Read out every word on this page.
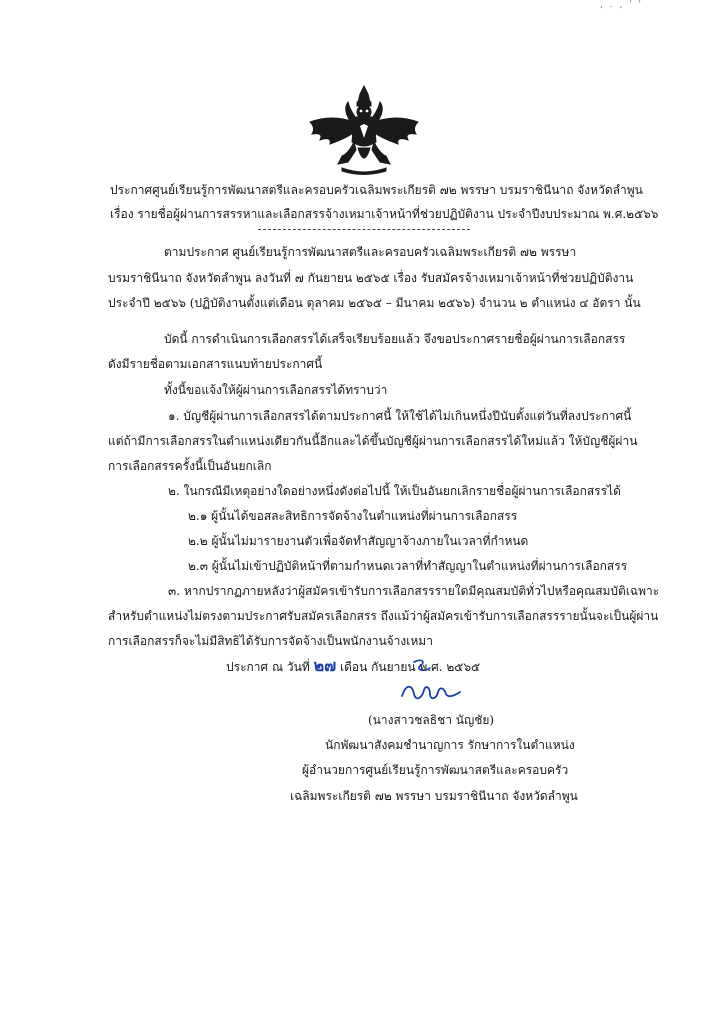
, . , ' '
ประกาศศูนย์เรียนรู้การพัฒนาสตรีและครอบครัวเฉลิมพระเกียรติ ๗๒ พรรษา บรมราชินีนาถ จังหวัดลำพูน
เรื่อง รายชื่อผู้ผ่านการสรรหาและเลือกสรรจ้างเหมาเจ้าหน้าที่ช่วยปฏิบัติงาน ประจำปีงบประมาณ พ.ศ.๒๕๖๖
ตามประกาศ ศูนย์เรียนรู้การพัฒนาสตรีและครอบครัวเฉลิมพระเกียรติ ๗๒ พรรษา
บรมราชินีนาถ จังหวัดลำพูน ลงวันที่ ๗ กันยายน ๒๕๖๕ เรื่อง รับสมัครจ้างเหมาเจ้าหน้าที่ช่วยปฏิบัติงาน
ประจำปี ๒๕๖๖ (ปฏิบัติงานตั้งแต่เดือน ตุลาคม ๒๕๖๕ – มีนาคม ๒๕๖๖) จำนวน ๒ ตำแหน่ง ๔ อัตรา นั้น
บัดนี้ การดำเนินการเลือกสรรได้เสร็จเรียบร้อยแล้ว จึงขอประกาศรายชื่อผู้ผ่านการเลือกสรร
ดังมีรายชื่อตามเอกสารแนบท้ายประกาศนี้
ทั้งนี้ขอแจ้งให้ผู้ผ่านการเลือกสรรได้ทราบว่า
๑. บัญชีผู้ผ่านการเลือกสรรได้ตามประกาศนี้ ให้ใช้ได้ไม่เกินหนึ่งปีนับตั้งแต่วันที่ลงประกาศนี้
แต่ถ้ามีการเลือกสรรในตำแหน่งเดียวกันนี้อีกและได้ขึ้นบัญชีผู้ผ่านการเลือกสรรได้ใหม่แล้ว ให้บัญชีผู้ผ่าน
การเลือกสรรครั้งนี้เป็นอันยกเลิก
๒. ในกรณีมีเหตุอย่างใดอย่างหนึ่งดังต่อไปนี้ ให้เป็นอันยกเลิกรายชื่อผู้ผ่านการเลือกสรรได้
๒.๑ ผู้นั้นได้ขอสละสิทธิการจัดจ้างในตำแหน่งที่ผ่านการเลือกสรร
๒.๒ ผู้นั้นไม่มารายงานตัวเพื่อจัดทำสัญญาจ้างภายในเวลาที่กำหนด
๒.๓ ผู้นั้นไม่เข้าปฏิบัติหน้าที่ตามกำหนดเวลาที่ทำสัญญาในตำแหน่งที่ผ่านการเลือกสรร
๓. หากปรากฏภายหลังว่าผู้สมัครเข้ารับการเลือกสรรรายใดมีคุณสมบัติทั่วไปหรือคุณสมบัติเฉพาะ
สำหรับตำแหน่งไม่ตรงตามประกาศรับสมัครเลือกสรร ถึงแม้ว่าผู้สมัครเข้ารับการเลือกสรรรายนั้นจะเป็นผู้ผ่าน
การเลือกสรรก็จะไม่มีสิทธิได้รับการจัดจ้างเป็นพนักงานจ้างเหมา
ประกาศ ณ วันที่ ๒๗ เดือน กันยายน พ.ศ. ๒๕๖๕
(นางสาวชลธิชา นัญชัย)
นักพัฒนาสังคมชำนาญการ รักษาการในตำแหน่ง
ผู้อำนวยการศูนย์เรียนรู้การพัฒนาสตรีและครอบครัว
เฉลิมพระเกียรติ ๗๒ พรรษา บรมราชินีนาถ จังหวัดลำพูน
